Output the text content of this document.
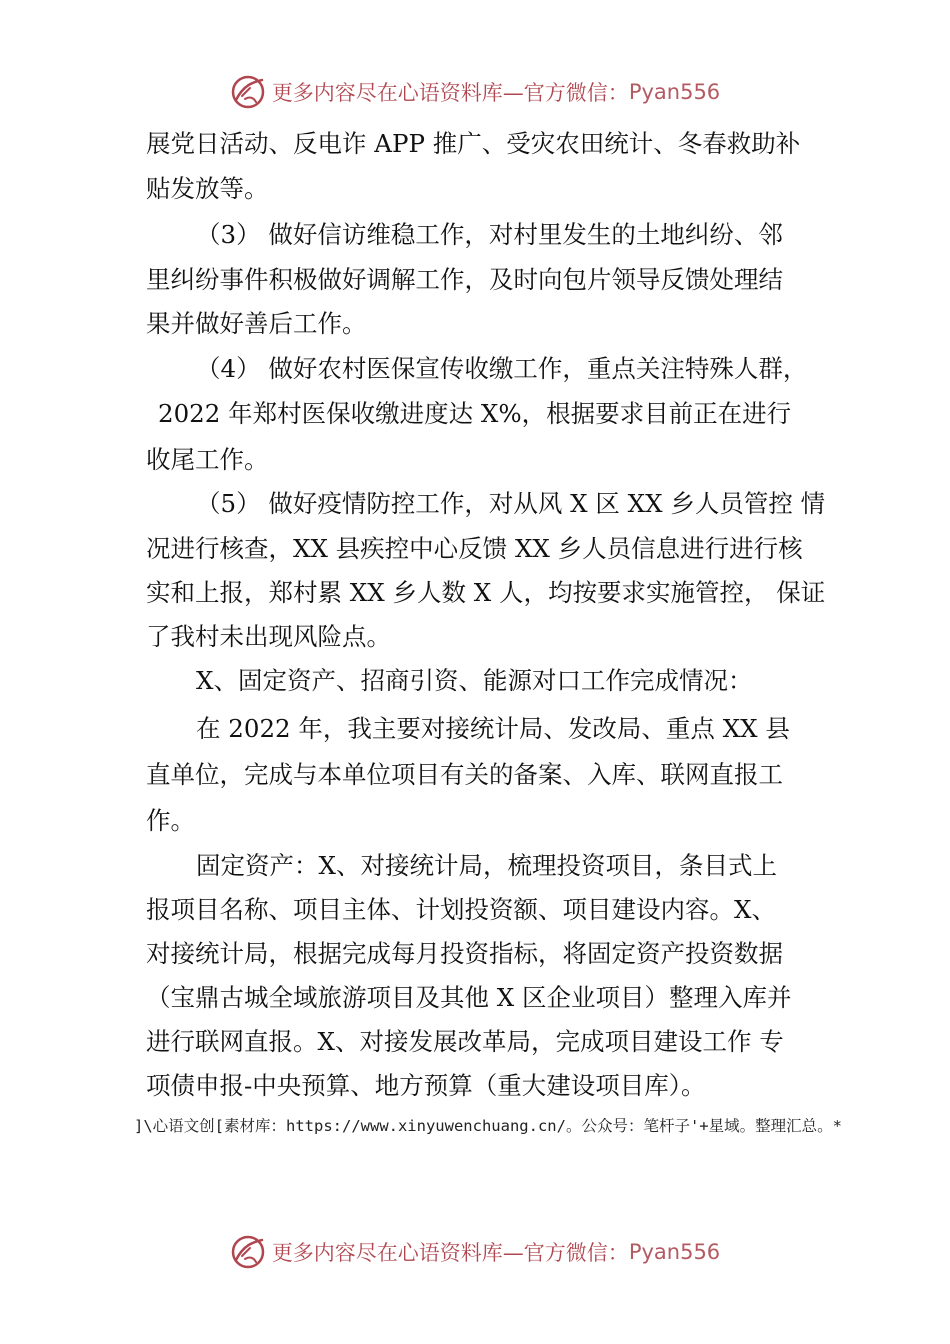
更多内容尽在心语资料库—官方微信： Pyan556
展党日活动、反电诈 APP 推广、受灾农田统计、冬春救助补
贴发放等。
（3） 做好信访维稳工作，对村里发生的土地纠纷、邻
里纠纷事件积极做好调解工作，及时向包片领导反馈处理结
果并做好善后工作。
（4） 做好农村医保宣传收缴工作，重点关注特殊人群，
2022 年郑村医保收缴进度达 X%，根据要求目前正在进行
收尾工作。
（5） 做好疫情防控工作，对从风 X 区 XX 乡人员管控 情
况进行核查，XX 县疾控中心反馈 XX 乡人员信息进行进行核
实和上报，郑村累 XX 乡人数 X 人，均按要求实施管控， 保证
了我村未出现风险点。
X、固定资产、招商引资、能源对口工作完成情况：
在 2022 年，我主要对接统计局、发改局、重点 XX 县
直单位，完成与本单位项目有关的备案、入库、联网直报工
作。
固定资产：X、对接统计局，梳理投资项目，条目式上
报项目名称、项目主体、计划投资额、项目建设内容。X、
对接统计局，根据完成每月投资指标，将固定资产投资数据
（宝鼎古城全域旅游项目及其他 X 区企业项目）整理入库并
进行联网直报。X、对接发展改革局，完成项目建设工作 专
项债申报-中央预算、地方预算（重大建设项目库）。
]\心语文创[素材库：https://www.xinyuwenchuang.cn/。公众号：笔杆子'+星域。整理汇总。*
更多内容尽在心语资料库—官方微信： Pyan556
